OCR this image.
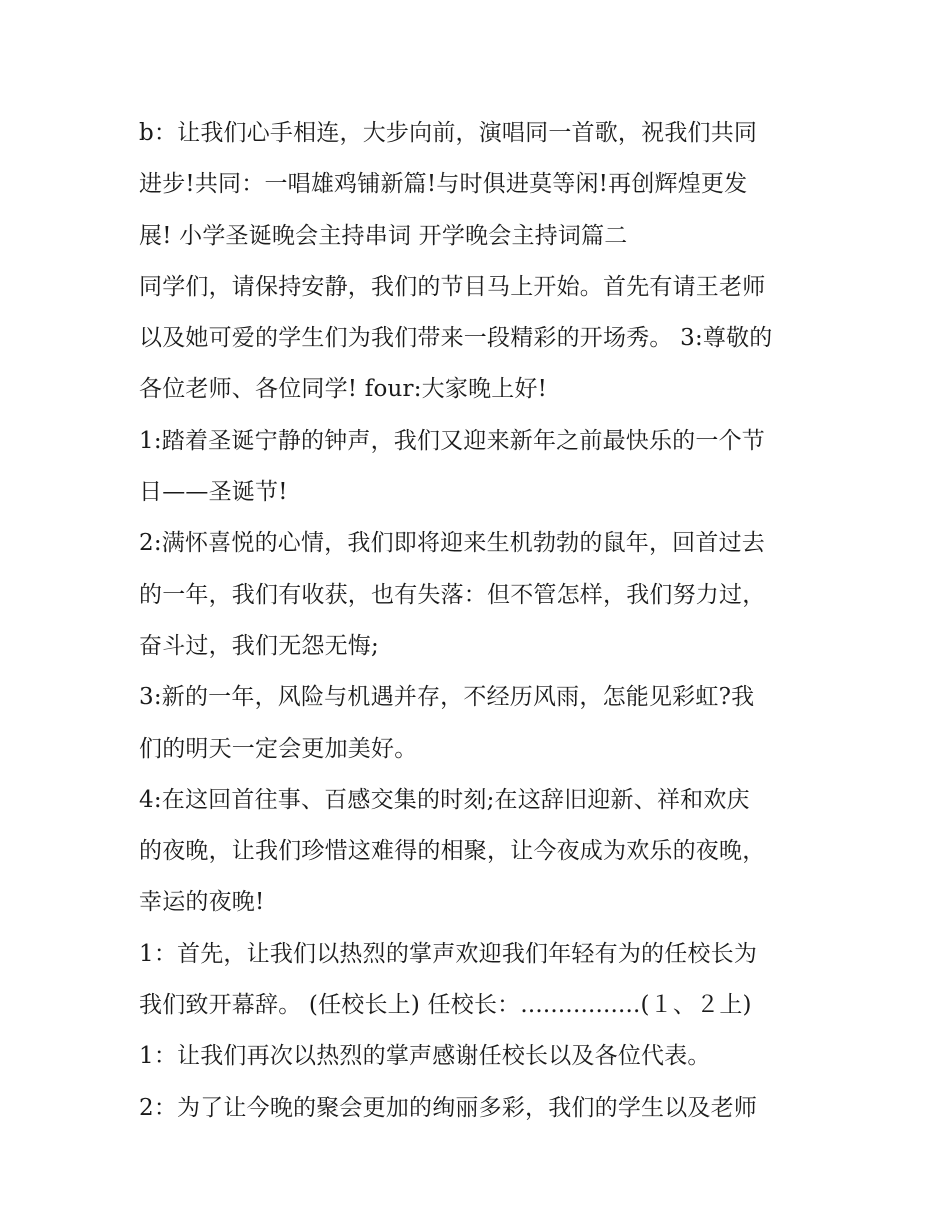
b：让我们心手相连，大步向前，演唱同一首歌，祝我们共同
进步!共同：一唱雄鸡铺新篇!与时俱进莫等闲!再创辉煌更发
展! 小学圣诞晚会主持串词 开学晚会主持词篇二
同学们，请保持安静，我们的节目马上开始。首先有请王老师
以及她可爱的学生们为我们带来一段精彩的开场秀。 3:尊敬的
各位老师、各位同学! four:大家晚上好!
1:踏着圣诞宁静的钟声，我们又迎来新年之前最快乐的一个节
日——圣诞节!
2:满怀喜悦的心情，我们即将迎来生机勃勃的鼠年，回首过去
的一年，我们有收获，也有失落：但不管怎样，我们努力过，
奋斗过，我们无怨无悔;
3:新的一年，风险与机遇并存，不经历风雨，怎能见彩虹?我
们的明天一定会更加美好。
4:在这回首往事、百感交集的时刻;在这辞旧迎新、祥和欢庆
的夜晚，让我们珍惜这难得的相聚，让今夜成为欢乐的夜晚，
幸运的夜晚!
1：首先，让我们以热烈的掌声欢迎我们年轻有为的任校长为
我们致开幕辞。 (任校长上) 任校长：................(１、２上)
1：让我们再次以热烈的掌声感谢任校长以及各位代表。
2：为了让今晚的聚会更加的绚丽多彩，我们的学生以及老师
